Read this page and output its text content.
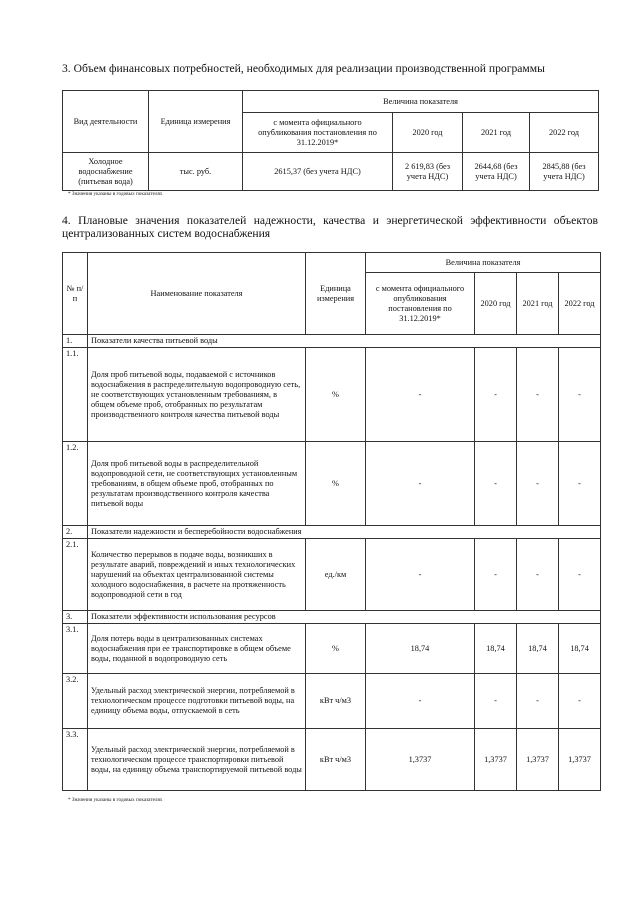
3. Объем финансовых потребностей, необходимых для реализации производственной программы
Вид деятельности	Единица измерения	Величина показателя			
		с момента официального опубликования постановления по 31.12.2019*	2020 год	2021 год	2022 год
Холодное водоснабжение (питьевая вода)	тыс. руб.	2615,37 (без учета НДС)	2 619,83 (без учета НДС)	2644,68 (без учета НДС)	2845,88 (без учета НДС)
* Значения указаны в годовых показателях
4. Плановые значения показателей надежности, качества и энергетической эффективности объектов централизованных систем водоснабжения
№ п/п	Наименование показателя	Единица измерения	Величина показателя			
			с момента официального опубликования постановления по 31.12.2019*	2020 год	2021 год	2022 год
1.	Показатели качества питьевой воды					
1.1.	Доля проб питьевой воды, подаваемой с источников водоснабжения в распределительную водопроводную сеть, не соответствующих установленным требованиям, в общем объеме проб, отобранных по результатам производственного контроля качества питьевой воды	%	-	-	-	-
1.2.	Доля проб питьевой воды в распределительной водопроводной сети, не соответствующих установленным требованиям, в общем объеме проб, отобранных по результатам производственного контроля качества питьевой воды	%	-	-	-	-
2.	Показатели надежности и бесперебойности водоснабжения					
2.1.	Количество перерывов в подаче воды, возникших в результате аварий, повреждений и иных технологических нарушений на объектах централизованной системы холодного водоснабжения, в расчете на протяженность водопроводной сети в год	ед./км	-	-	-	-
3.	Показатели эффективности использования ресурсов					
3.1.	Доля потерь воды в централизованных системах водоснабжения при ее транспортировке в общем объеме воды, поданной в водопроводную сеть	%	18,74	18,74	18,74	18,74
3.2.	Удельный расход электрической энергии, потребляемой в технологическом процессе подготовки питьевой воды, на единицу объема воды, отпускаемой в сеть	кВт ч/м3	-	-	-	-
3.3.	Удельный расход электрической энергии, потребляемой в технологическом процессе транспортировки питьевой воды, на единицу объема транспортируемой питьевой воды	кВт ч/м3	1,3737	1,3737	1,3737	1,3737
* Значения указаны в годовых показателях
